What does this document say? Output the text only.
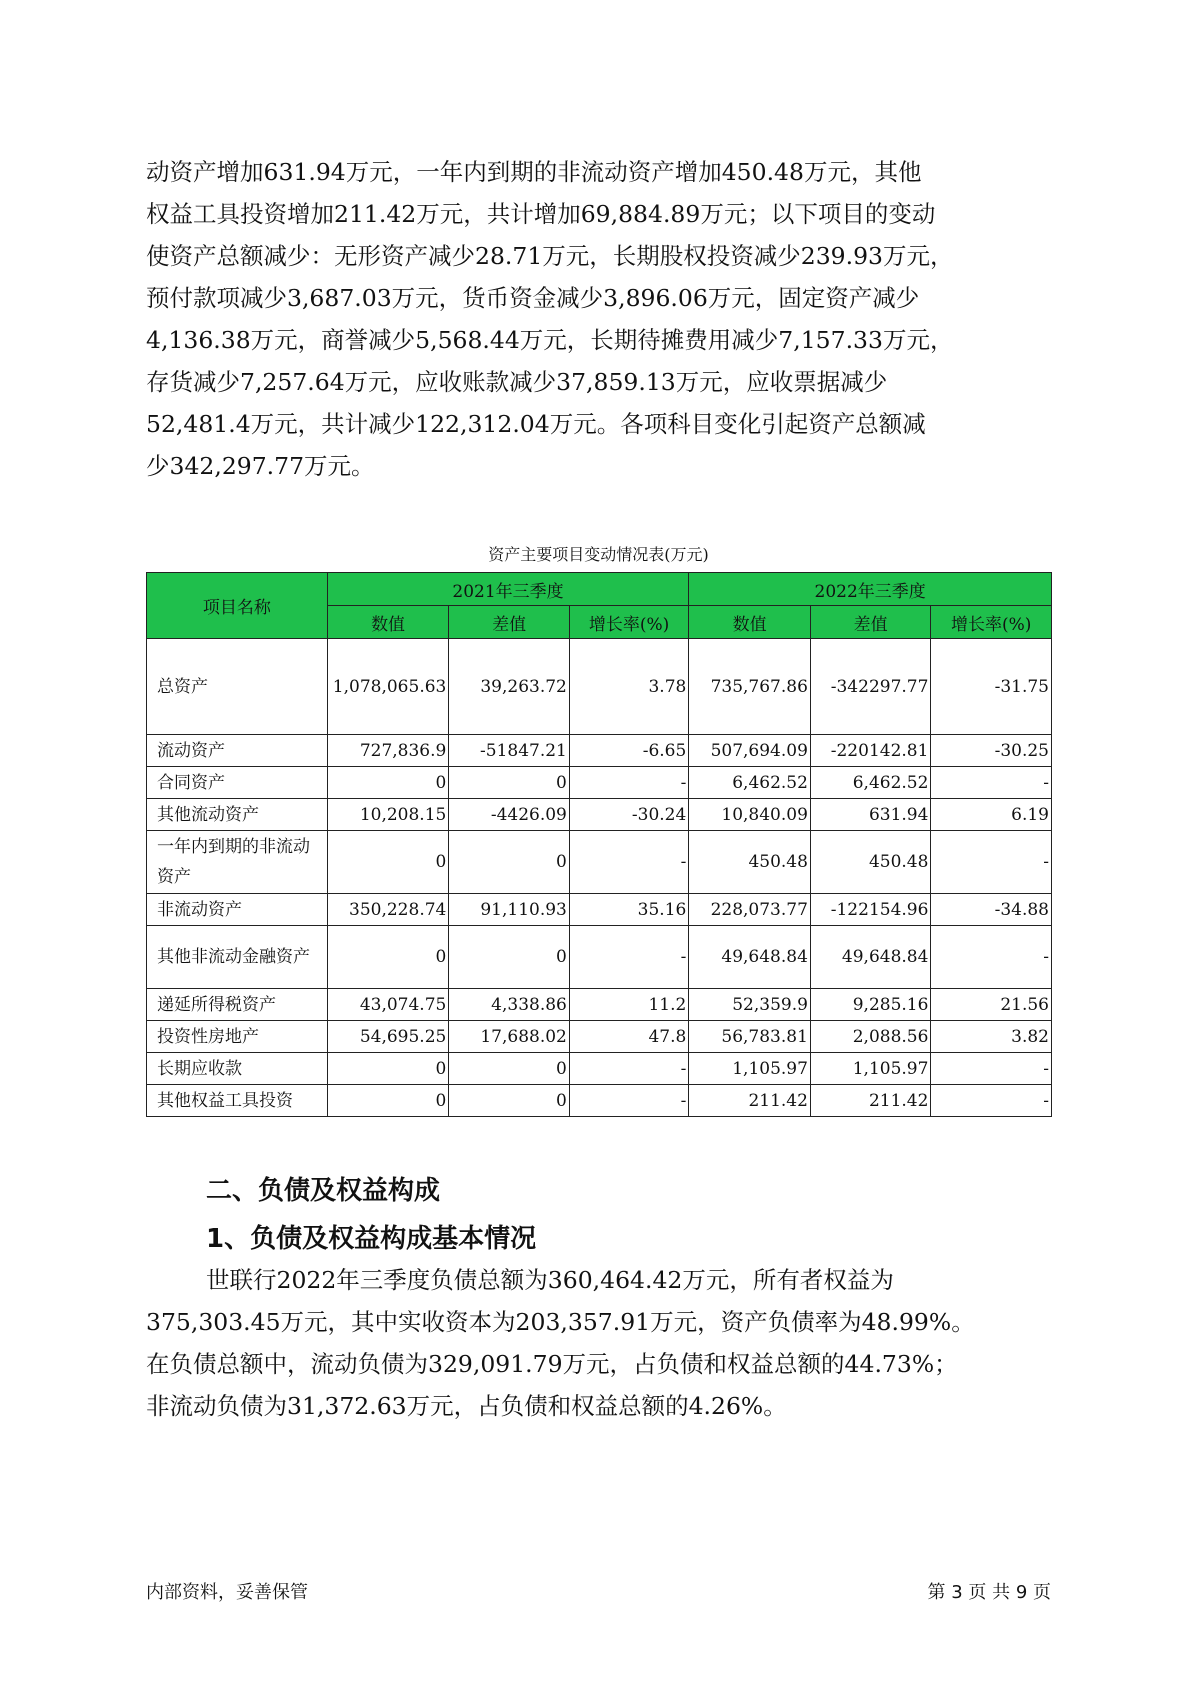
动资产增加631.94万元，一年内到期的非流动资产增加450.48万元，其他
权益工具投资增加211.42万元，共计增加69,884.89万元；以下项目的变动
使资产总额减少：无形资产减少28.71万元，长期股权投资减少239.93万元，
预付款项减少3,687.03万元，货币资金减少3,896.06万元，固定资产减少
4,136.38万元，商誉减少5,568.44万元，长期待摊费用减少7,157.33万元，
存货减少7,257.64万元，应收账款减少37,859.13万元，应收票据减少
52,481.4万元，共计减少122,312.04万元。各项科目变化引起资产总额减
少342,297.77万元。
资产主要项目变动情况表(万元)
项目名称	2021年三季度			2022年三季度		
	数值	差值	增长率(%)	数值	差值	增长率(%)
总资产	1,078,065.63	39,263.72	3.78	735,767.86	-342297.77	-31.75
流动资产	727,836.9	-51847.21	-6.65	507,694.09	-220142.81	-30.25
合同资产	0	0	-	6,462.52	6,462.52	-
其他流动资产	10,208.15	-4426.09	-30.24	10,840.09	631.94	6.19
一年内到期的非流动资产	0	0	-	450.48	450.48	-
非流动资产	350,228.74	91,110.93	35.16	228,073.77	-122154.96	-34.88
其他非流动金融资产	0	0	-	49,648.84	49,648.84	-
递延所得税资产	43,074.75	4,338.86	11.2	52,359.9	9,285.16	21.56
投资性房地产	54,695.25	17,688.02	47.8	56,783.81	2,088.56	3.82
长期应收款	0	0	-	1,105.97	1,105.97	-
其他权益工具投资	0	0	-	211.42	211.42	-
二、负债及权益构成
1、负债及权益构成基本情况
世联行2022年三季度负债总额为360,464.42万元，所有者权益为
375,303.45万元，其中实收资本为203,357.91万元，资产负债率为48.99%。
在负债总额中，流动负债为329,091.79万元，占负债和权益总额的44.73%；
非流动负债为31,372.63万元，占负债和权益总额的4.26%。
内部资料，妥善保管	第 3 页 共 9 页
